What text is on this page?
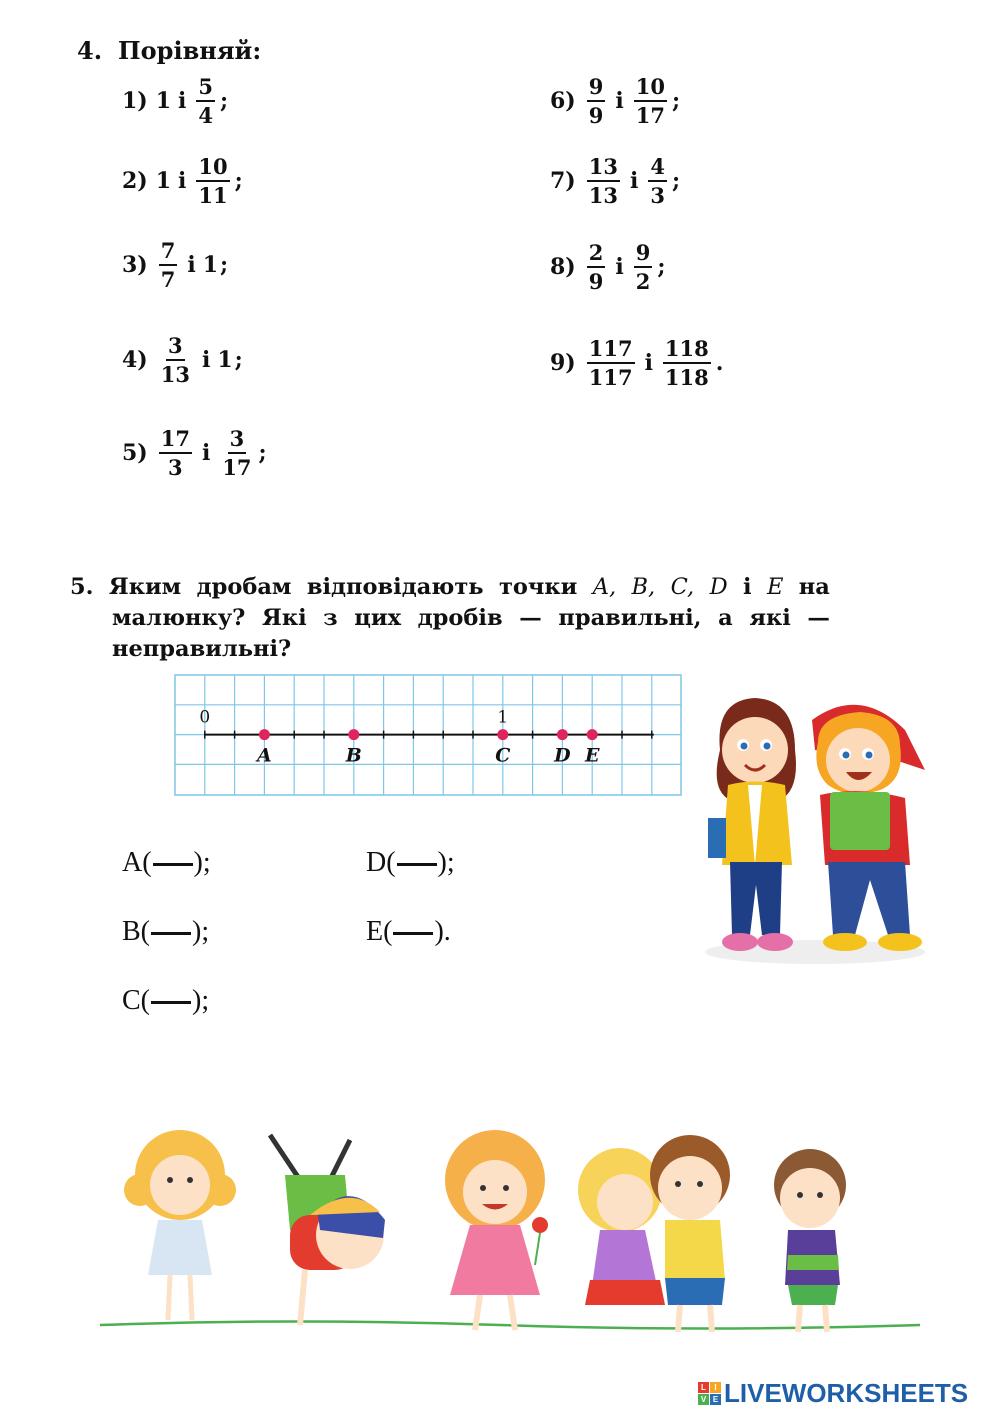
4. Порівняй:
1) 1 і $\frac{5}{4}$ ;
2) 1 і $\frac{10}{11}$ ;
$3) \frac{7}{7}$ і 1 ;
$4) \frac{3}{13}$ і 1 ;
$5) \frac{17}{3}$ і $\frac{3}{17}$ ;
$6) \frac{9}{9}$ і $\frac{10}{17}$ ;
$7) \frac{13}{13}$ і $\frac{4}{3}$ ;
$8) \frac{2}{9}$ і $\frac{9}{2}$ ;
$9) \frac{117}{117}$ і $\frac{118}{118}$ .
5. Яким дробам відповідають точки A, B, C, D і E на
малюнку? Які з цих дробів — правильні, а які —
неправильні?
0	1
A	B	C D E
A( );	D( );
B( );	E( ).
C( );
L	I
V E LIVEWORKSHEETS
